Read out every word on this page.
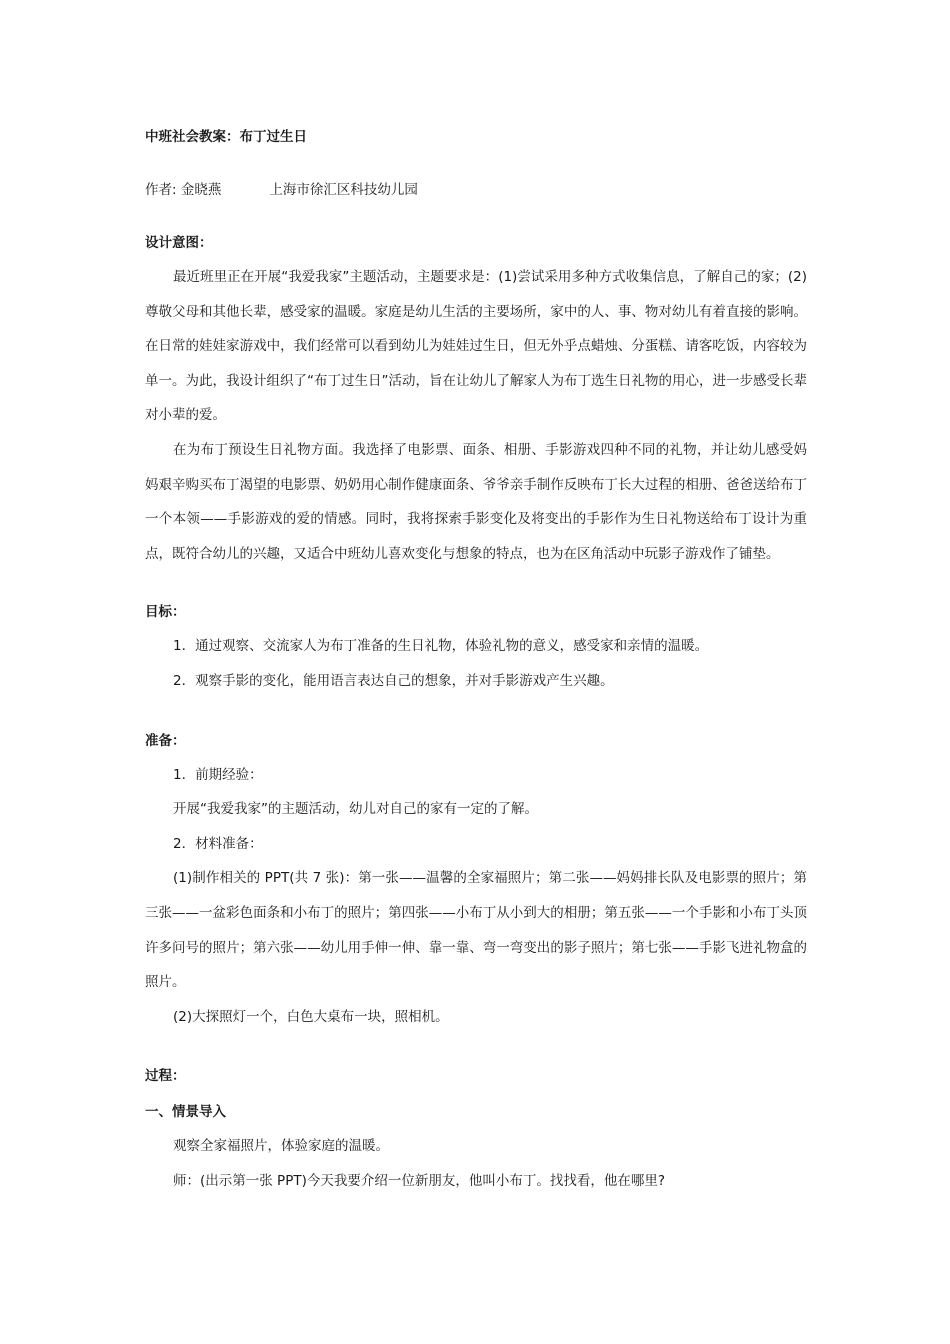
中班社会教案：布丁过生日

作者: 金晓燕	上海市徐汇区科技幼儿园

设计意图：

最近班里正在开展“我爱我家”主题活动，主题要求是：(1)尝试采用多种方式收集信息，了解自己的家；(2)尊敬父母和其他长辈，感受家的温暖。家庭是幼儿生活的主要场所，家中的人、事、物对幼儿有着直接的影响。在日常的娃娃家游戏中，我们经常可以看到幼儿为娃娃过生日，但无外乎点蜡烛、分蛋糕、请客吃饭，内容较为单一。为此，我设计组织了“布丁过生日”活动，旨在让幼儿了解家人为布丁选生日礼物的用心，进一步感受长辈对小辈的爱。

在为布丁预设生日礼物方面。我选择了电影票、面条、相册、手影游戏四种不同的礼物，并让幼儿感受妈妈艰辛购买布丁渴望的电影票、奶奶用心制作健康面条、爷爷亲手制作反映布丁长大过程的相册、爸爸送给布丁一个本领——手影游戏的爱的情感。同时，我将探索手影变化及将变出的手影作为生日礼物送给布丁设计为重点，既符合幼儿的兴趣，又适合中班幼儿喜欢变化与想象的特点，也为在区角活动中玩影子游戏作了铺垫。

目标：

1．通过观察、交流家人为布丁准备的生日礼物，体验礼物的意义，感受家和亲情的温暖。

2．观察手影的变化，能用语言表达自己的想象，并对手影游戏产生兴趣。

准备：

1．前期经验：

开展“我爱我家”的主题活动，幼儿对自己的家有一定的了解。

2．材料准备：

(1)制作相关的 PPT(共 7 张)：第一张——温馨的全家福照片；第二张——妈妈排长队及电影票的照片；第三张——一盆彩色面条和小布丁的照片；第四张——小布丁从小到大的相册；第五张——一个手影和小布丁头顶许多问号的照片；第六张——幼儿用手伸一伸、靠一靠、弯一弯变出的影子照片；第七张——手影飞进礼物盒的照片。

(2)大探照灯一个，白色大桌布一块，照相机。

过程：

一、情景导入

观察全家福照片，体验家庭的温暖。

师：(出示第一张 PPT)今天我要介绍一位新朋友，他叫小布丁。找找看，他在哪里?
